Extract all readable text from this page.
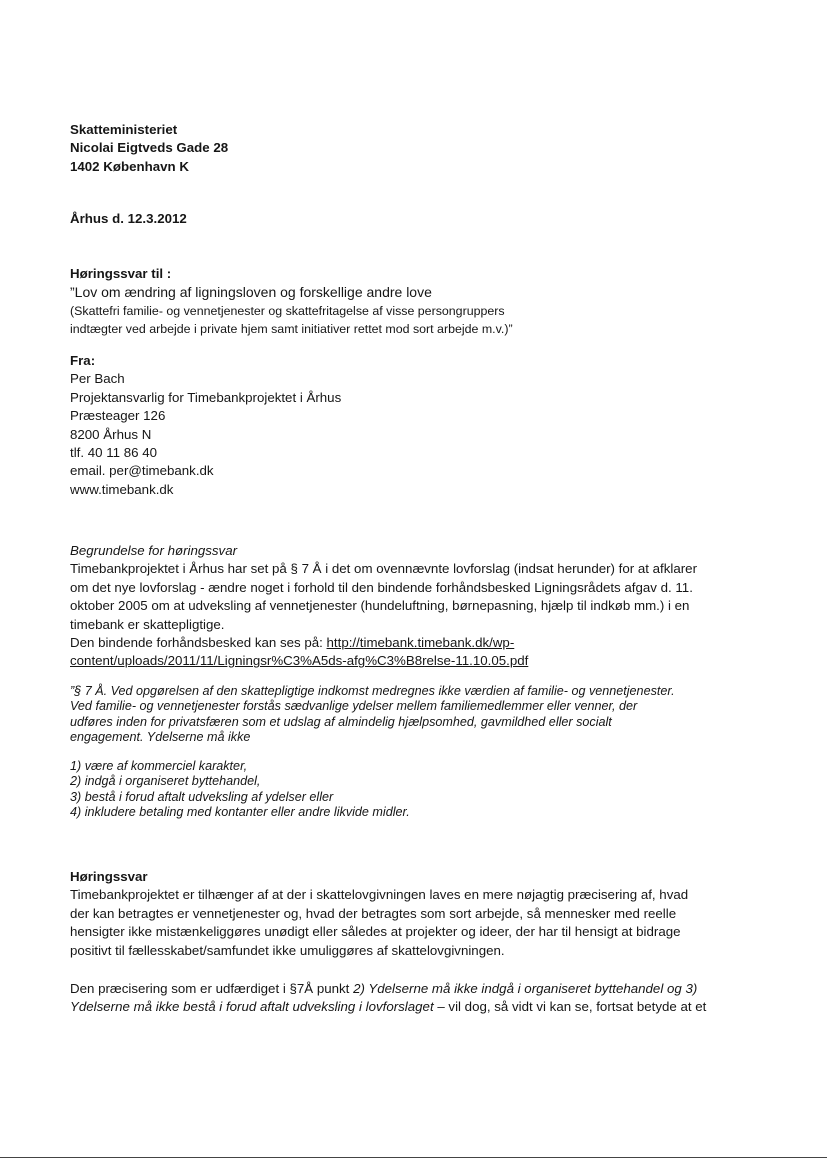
Skatteministeriet
Nicolai Eigtveds Gade 28
1402 København K
Århus d. 12.3.2012
Høringssvar til :
”Lov om ændring af ligningsloven og forskellige andre love
(Skattefri familie- og vennetjenester og skattefritagelse af visse persongruppers
indtægter ved arbejde i private hjem samt initiativer rettet mod sort arbejde m.v.)”
Fra:
Per Bach
Projektansvarlig for Timebankprojektet i Århus
Præsteager 126
8200 Århus N
tlf. 40 11 86 40
email. per@timebank.dk
www.timebank.dk
Begrundelse for høringssvar
Timebankprojektet i Århus har set på § 7 Å i det om ovennævnte lovforslag (indsat herunder) for at afklarer
om det nye lovforslag - ændre noget i forhold til den bindende forhåndsbesked Ligningsrådets afgav d. 11.
oktober 2005 om at udveksling af vennetjenester (hundeluftning, børnepasning, hjælp til indkøb mm.) i en
timebank er skattepligtige.
Den bindende forhåndsbesked kan ses på: http://timebank.timebank.dk/wp-
content/uploads/2011/11/Ligningsr%C3%A5ds-afg%C3%B8relse-11.10.05.pdf
”§ 7 Å. Ved opgørelsen af den skattepligtige indkomst medregnes ikke værdien af familie- og vennetjenester.
Ved familie- og vennetjenester forstås sædvanlige ydelser mellem familiemedlemmer eller venner, der
udføres inden for privatsfæren som et udslag af almindelig hjælpsomhed, gavmildhed eller socialt
engagement. Ydelserne må ikke
1) være af kommerciel karakter,
2) indgå i organiseret byttehandel,
3) bestå i forud aftalt udveksling af ydelser eller
4) inkludere betaling med kontanter eller andre likvide midler.
Høringssvar
Timebankprojektet er tilhænger af at der i skattelovgivningen laves en mere nøjagtig præcisering af, hvad
der kan betragtes er vennetjenester og, hvad der betragtes som sort arbejde, så mennesker med reelle
hensigter ikke mistænkeliggøres unødigt eller således at projekter og ideer, der har til hensigt at bidrage
positivt til fællesskabet/samfundet ikke umuliggøres af skattelovgivningen.
Den præcisering som er udfærdiget i §7Å punkt 2) Ydelserne må ikke indgå i organiseret byttehandel og 3)
Ydelserne må ikke bestå i forud aftalt udveksling i lovforslaget – vil dog, så vidt vi kan se, fortsat betyde at et
